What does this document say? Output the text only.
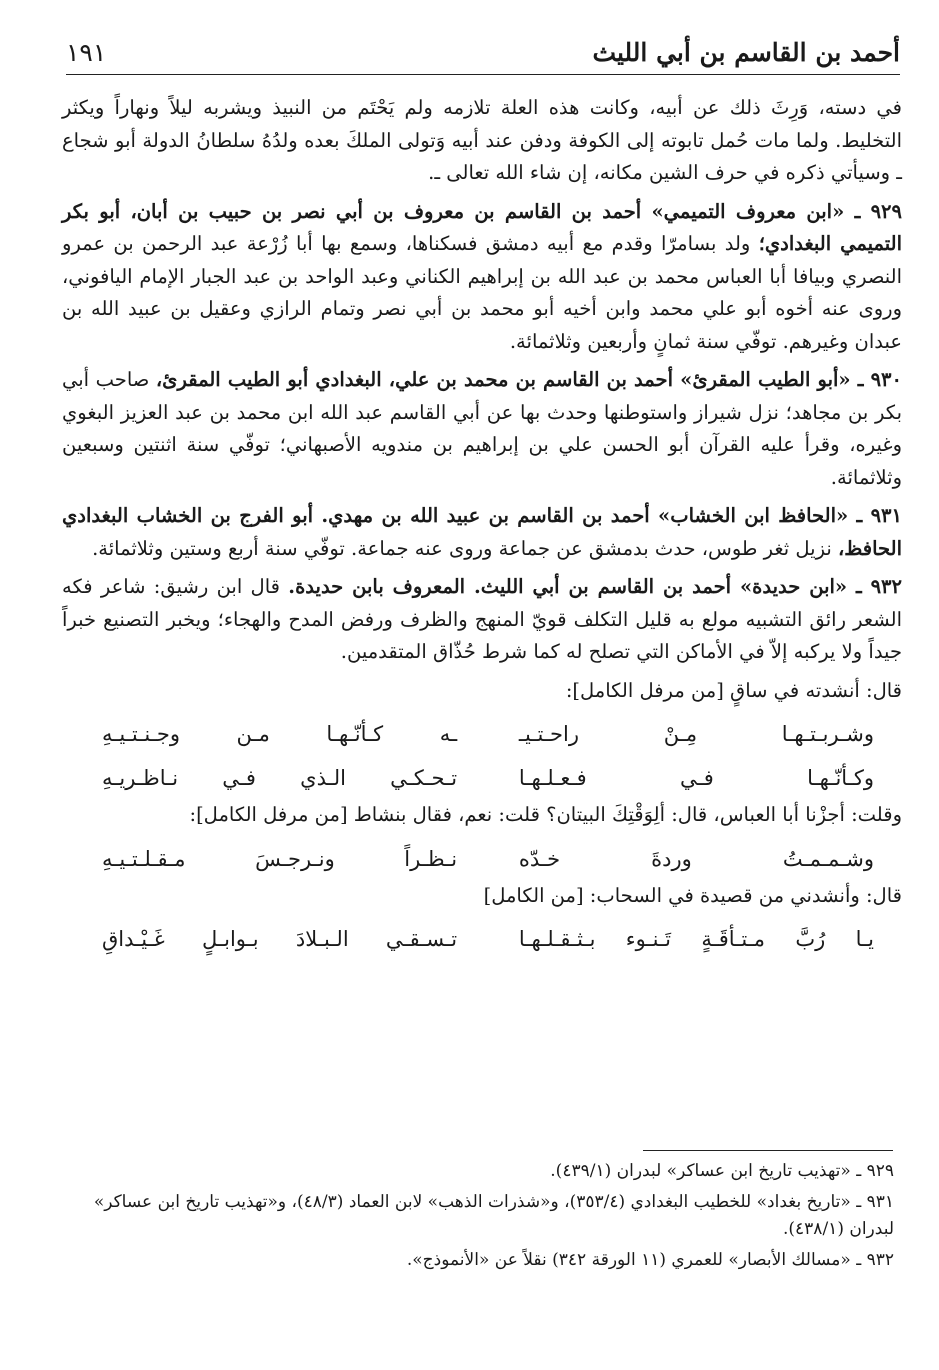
أحمد بن القاسم بن أبي الليث
١٩١

في دسته، وَرِثَ ذلك عن أبيه، وكانت هذه العلة تلازمه ولم يَحْتَم من النبيذ ويشربه ليلاً ونهاراً ويكثر التخليط. ولما مات حُمل تابوته إلى الكوفة ودفن عند أبيه وَتولى الملكَ بعده ولدُهُ سلطانُ الدولة أبو شجاع ـ وسيأتي ذكره في حرف الشين مكانه، إن شاء الله تعالى ـ.

٩٢٩ ـ «ابن معروف التميمي» أحمد بن القاسم بن معروف بن أبي نصر بن حبيب بن أبان، أبو بكر التميمي البغدادي؛ ولد بسامرّا وقدم مع أبيه دمشق فسكناها، وسمع بها أبا زُرْعة عبد الرحمن بن عمرو النصري وبيافا أبا العباس محمد بن عبد الله بن إبراهيم الكناني وعبد الواحد بن عبد الجبار الإمام اليافوني، وروى عنه أخوه أبو علي محمد وابن أخيه أبو محمد بن أبي نصر وتمام الرازي وعقيل بن عبيد الله بن عبدان وغيرهم. توفّي سنة ثمانٍ وأربعين وثلاثمائة.

٩٣٠ ـ «أبو الطيب المقرئ» أحمد بن القاسم بن محمد بن علي، البغدادي أبو الطيب المقرئ، صاحب أبي بكر بن مجاهد؛ نزل شيراز واستوطنها وحدث بها عن أبي القاسم عبد الله ابن محمد بن عبد العزيز البغوي وغيره، وقرأ عليه القرآن أبو الحسن علي بن إبراهيم بن مندويه الأصبهاني؛ توفّي سنة اثنتين وسبعين وثلاثمائة.

٩٣١ ـ «الحافظ ابن الخشاب» أحمد بن القاسم بن عبيد الله بن مهدي. أبو الفرج بن الخشاب البغدادي الحافظ، نزيل ثغر طوس، حدث بدمشق عن جماعة وروى عنه جماعة. توفّي سنة أربع وستين وثلاثمائة.

٩٣٢ ـ «ابن حديدة» أحمد بن القاسم بن أبي الليث. المعروف بابن حديدة. قال ابن رشيق: شاعر فكه الشعر رائق التشبيه مولع به قليل التكلف قويّ المنهج والظرف ورفض المدح والهجاء؛ ويخبر التصنيع خبراً جيداً ولا يركبه إلاّ في الأماكن التي تصلح له كما شرط حُذّاق المتقدمين.

قال: أنشدته في ساقٍ [من مرفل الكامل]:

وشـربـتـهـا مِـنْ راحـتـيـ
ـه كـأنّـهـا مـن وجـنـتـيـهِ
وكـأنّـهـا فـي فـعـلـهـا
تـحـكـي الـذي فـي نـاظـريـهِ

وقلت: أجزْنا أبا العباس، قال: ألِوَقْتِكَ البيتان؟ قلت: نعم، فقال بنشاط [من مرفل الكامل]:

وشـمـمـتُ وردةَ خـدّه
نـظـراً ونـرجـسَ مـقـلـتـيـهِ

قال: وأنشدني من قصيدة في السحاب: [من الكامل]

يـا رُبَّ مـتـأقَـةٍ تَـنـوء بـثـقـلـهـا
تـسـقـي الـبـلادَ بـوابـلٍ غَـيْـداقِ

٩٢٩ ـ «تهذيب تاريخ ابن عساكر» لبدران (٤٣٩/١).

٩٣١ ـ «تاريخ بغداد» للخطيب البغدادي (٣٥٣/٤)، و«شذرات الذهب» لابن العماد (٤٨/٣)، و«تهذيب تاريخ ابن عساكر» لبدران (٤٣٨/١).

٩٣٢ ـ «مسالك الأبصار» للعمري (١١ الورقة ٣٤٢) نقلاً عن «الأنموذج».
